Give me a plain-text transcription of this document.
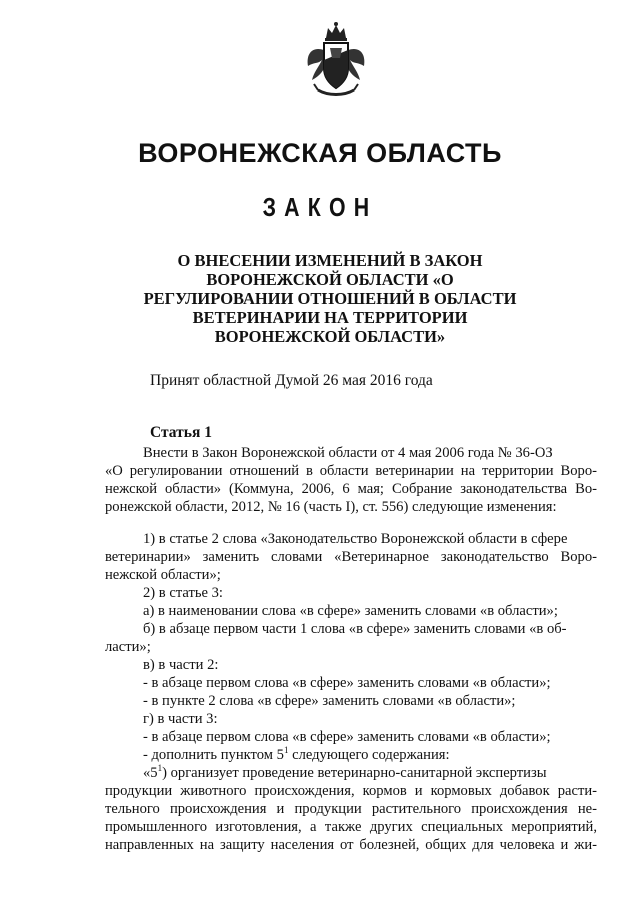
ВОРОНЕЖСКАЯ ОБЛАСТЬ
ЗАКОН
О ВНЕСЕНИИ ИЗМЕНЕНИЙ В ЗАКОН
ВОРОНЕЖСКОЙ ОБЛАСТИ «О
РЕГУЛИРОВАНИИ ОТНОШЕНИЙ В ОБЛАСТИ
ВЕТЕРИНАРИИ НА ТЕРРИТОРИИ
ВОРОНЕЖСКОЙ ОБЛАСТИ»
Принят областной Думой 26 мая 2016 года
Статья 1
Внести в Закон Воронежской области от 4 мая 2006 года № 36-ОЗ
«О регулировании отношений в области ветеринарии на территории Воро-
нежской области» (Коммуна, 2006, 6 мая; Собрание законодательства Во-
ронежской области, 2012, № 16 (часть I), ст. 556) следующие изменения:
1) в статье 2 слова «Законодательство Воронежской области в сфере
ветеринарии» заменить словами «Ветеринарное законодательство Воро-
нежской области»;
2) в статье 3:
а) в наименовании слова «в сфере» заменить словами «в области»;
б) в абзаце первом части 1 слова «в сфере» заменить словами «в об-
ласти»;
в) в части 2:
- в абзаце первом слова «в сфере» заменить словами «в области»;
- в пункте 2 слова «в сфере» заменить словами «в области»;
г) в части 3:
- в абзаце первом слова «в сфере» заменить словами «в области»;
- дополнить пунктом $5^1$ следующего содержания:
«$5^1$) организует проведение ветеринарно-санитарной экспертизы
продукции животного происхождения, кормов и кормовых добавок расти-
тельного происхождения и продукции растительного происхождения не-
промышленного изготовления, а также других специальных мероприятий,
направленных на защиту населения от болезней, общих для человека и жи-
